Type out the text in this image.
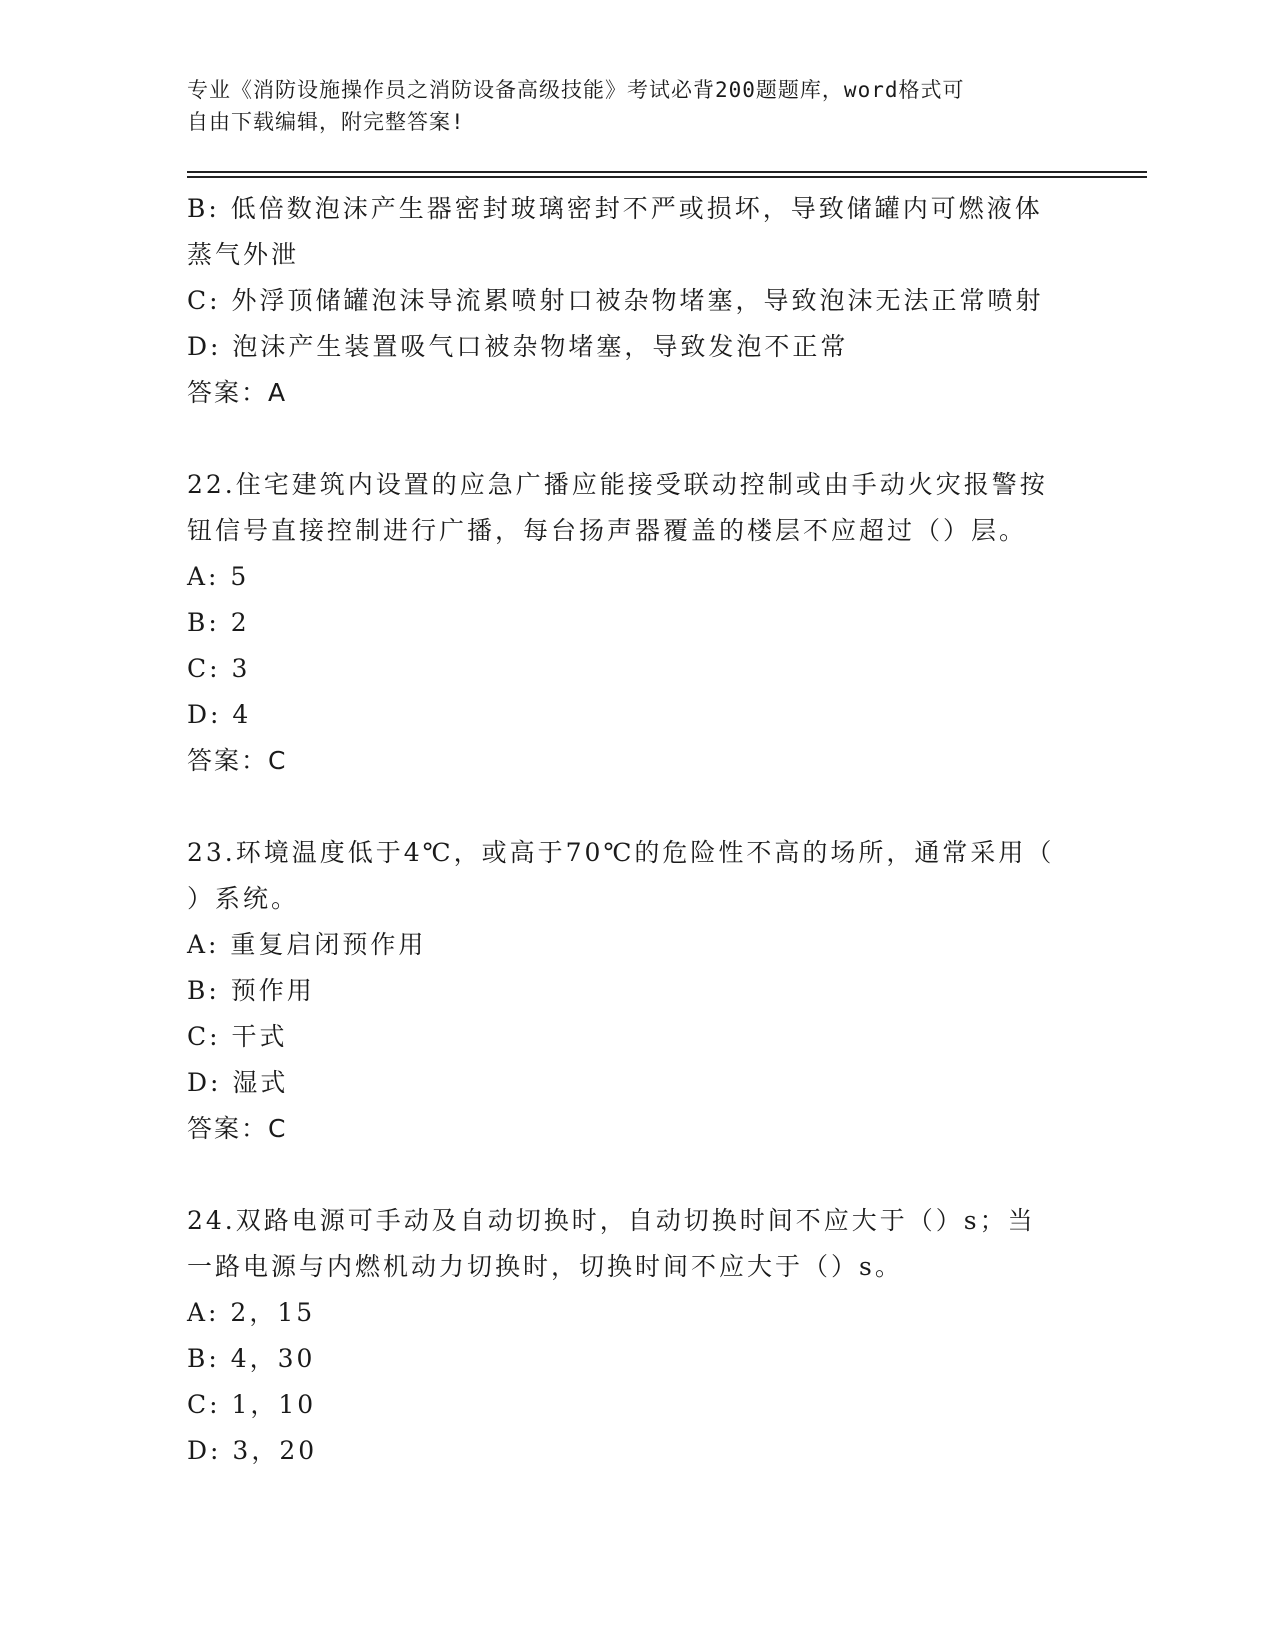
专业《消防设施操作员之消防设备高级技能》考试必背200题题库，word格式可
自由下载编辑，附完整答案!
B: 低倍数泡沫产生器密封玻璃密封不严或损坏，导致储罐内可燃液体
蒸气外泄
C: 外浮顶储罐泡沫导流累喷射口被杂物堵塞，导致泡沫无法正常喷射
D: 泡沫产生装置吸气口被杂物堵塞，导致发泡不正常
答案：A
22.住宅建筑内设置的应急广播应能接受联动控制或由手动火灾报警按
钮信号直接控制进行广播，每台扬声器覆盖的楼层不应超过（）层。
A: 5
B: 2
C: 3
D: 4
答案：C
23.环境温度低于4℃，或高于70℃的危险性不高的场所，通常采用（
）系统。
A: 重复启闭预作用
B: 预作用
C: 干式
D: 湿式
答案：C
24.双路电源可手动及自动切换时，自动切换时间不应大于（）s；当
一路电源与内燃机动力切换时，切换时间不应大于（）s。
A: 2，15
B: 4，30
C: 1，10
D: 3，20
